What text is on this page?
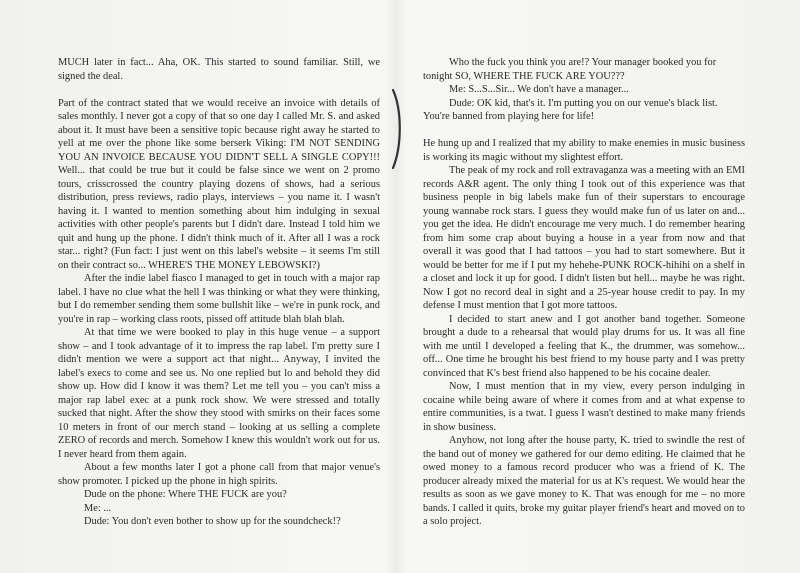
MUCH later in fact... Aha, OK. This started to sound familiar. Still, we signed the deal.

Part of the contract stated that we would receive an invoice with details of sales monthly. I never got a copy of that so one day I called Mr. S. and asked about it. It must have been a sensitive topic because right away he started to yell at me over the phone like some berserk Viking: I'M NOT SENDING YOU AN INVOICE BECAUSE YOU DIDN'T SELL A SINGLE COPY!!! Well... that could be true but it could be false since we went on 2 promo tours, crisscrossed the country playing dozens of shows, had a serious distribution, press reviews, radio plays, interviews – you name it. I wasn't having it. I wanted to mention something about him indulging in sexual activities with other people's parents but I didn't dare. Instead I told him we quit and hung up the phone. I didn't think much of it. After all I was a rock star... right? (Fun fact: I just went on this label's website – it seems I'm still on their contract so... WHERE'S THE MONEY LEBOWSKI?)

After the indie label fiasco I managed to get in touch with a major rap label. I have no clue what the hell I was thinking or what they were thinking, but I do remember sending them some bullshit like – we're in punk rock, and you're in rap – working class roots, pissed off attitude blah blah blah.

At that time we were booked to play in this huge venue – a support show – and I took advantage of it to impress the rap label. I'm pretty sure I didn't mention we were a support act that night... Anyway, I invited the label's execs to come and see us. No one replied but lo and behold they did show up. How did I know it was them? Let me tell you – you can't miss a major rap label exec at a punk rock show. We were stressed and totally sucked that night. After the show they stood with smirks on their faces some 10 meters in front of our merch stand – looking at us selling a complete ZERO of records and merch. Somehow I knew this wouldn't work out for us. I never heard from them again.

About a few months later I got a phone call from that major venue's show promoter. I picked up the phone in high spirits.

Dude on the phone: Where THE FUCK are you?

Me: ...

Dude: You don't even bother to show up for the soundcheck!?

Who the fuck you think you are!? Your manager booked you for tonight SO, WHERE THE FUCK ARE YOU???

Me: S...S...Sir... We don't have a manager...

Dude: OK kid, that's it. I'm putting you on our venue's black list. You're banned from playing here for life!

He hung up and I realized that my ability to make enemies in music business is working its magic without my slightest effort.

The peak of my rock and roll extravaganza was a meeting with an EMI records A&R agent. The only thing I took out of this experience was that business people in big labels make fun of their superstars to encourage young wannabe rock stars. I guess they would make fun of us later on and... you get the idea. He didn't encourage me very much. I do remember hearing from him some crap about buying a house in a year from now and that overall it was good that I had tattoos – you had to start somewhere. But it would be better for me if I put my hehehe-PUNK ROCK-hihihi on a shelf in a closet and lock it up for good. I didn't listen but hell... maybe he was right. Now I got no record deal in sight and a 25-year house credit to pay. In my defense I must mention that I got more tattoos.

I decided to start anew and I got another band together. Someone brought a dude to a rehearsal that would play drums for us. It was all fine with me until I developed a feeling that K., the drummer, was somehow... off... One time he brought his best friend to my house party and I was pretty convinced that K's best friend also happened to be his cocaine dealer.

Now, I must mention that in my view, every person indulging in cocaine while being aware of where it comes from and at what expense to entire communities, is a twat. I guess I wasn't destined to make many friends in show business.

Anyhow, not long after the house party, K. tried to swindle the rest of the band out of money we gathered for our demo editing. He claimed that he owed money to a famous record producer who was a friend of K. The producer already mixed the material for us at K's request. We would hear the results as soon as we gave money to K. That was enough for me – no more bands. I called it quits, broke my guitar player friend's heart and moved on to a solo project.
